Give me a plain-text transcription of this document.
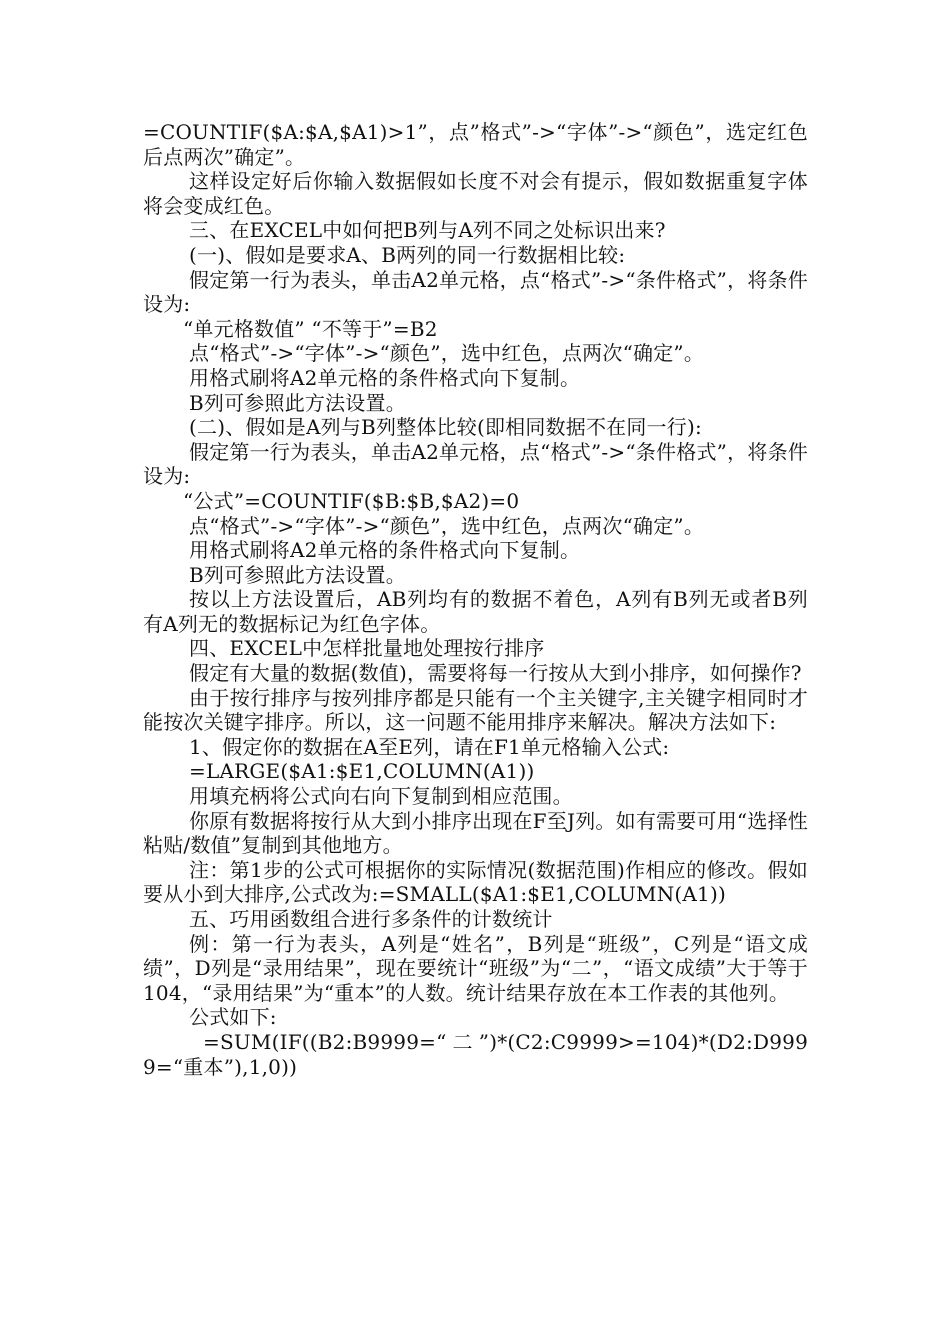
=COUNTIF($A:$A,$A1)>1”，点”格式”->“字体”->“颜色”，选定红色后点两次”确定”。

这样设定好后你输入数据假如长度不对会有提示，假如数据重复字体将会变成红色。

三、在EXCEL中如何把B列与A列不同之处标识出来?

(一)、假如是要求A、B两列的同一行数据相比较:

假定第一行为表头，单击A2单元格，点“格式”->“条件格式”，将条件设为:

“单元格数值” “不等于”=B2

点“格式”->“字体”->“颜色”，选中红色，点两次“确定”。

用格式刷将A2单元格的条件格式向下复制。

B列可参照此方法设置。

(二)、假如是A列与B列整体比较(即相同数据不在同一行):

假定第一行为表头，单击A2单元格，点“格式”->“条件格式”，将条件设为:

“公式”=COUNTIF($B:$B,$A2)=0

点“格式”->“字体”->“颜色”，选中红色，点两次“确定”。

用格式刷将A2单元格的条件格式向下复制。

B列可参照此方法设置。

按以上方法设置后，AB列均有的数据不着色，A列有B列无或者B列有A列无的数据标记为红色字体。

四、EXCEL中怎样批量地处理按行排序

假定有大量的数据(数值)，需要将每一行按从大到小排序，如何操作?

由于按行排序与按列排序都是只能有一个主关键字,主关键字相同时才能按次关键字排序。所以，这一问题不能用排序来解决。解决方法如下:

1、假定你的数据在A至E列，请在F1单元格输入公式:

=LARGE($A1:$E1,COLUMN(A1))

用填充柄将公式向右向下复制到相应范围。

你原有数据将按行从大到小排序出现在F至J列。如有需要可用“选择性粘贴/数值”复制到其他地方。

注：第1步的公式可根据你的实际情况(数据范围)作相应的修改。假如要从小到大排序,公式改为:=SMALL($A1:$E1,COLUMN(A1))

五、巧用函数组合进行多条件的计数统计

例：第一行为表头，A列是“姓名”，B列是“班级”，C列是“语文成绩”，D列是“录用结果”，现在要统计“班级”为“二”，“语文成绩”大于等于104，“录用结果”为“重本”的人数。统计结果存放在本工作表的其他列。

公式如下:

=SUM(IF((B2:B9999=“二”)*(C2:C9999>=104)*(D2:D9999=“重本”),1,0))
